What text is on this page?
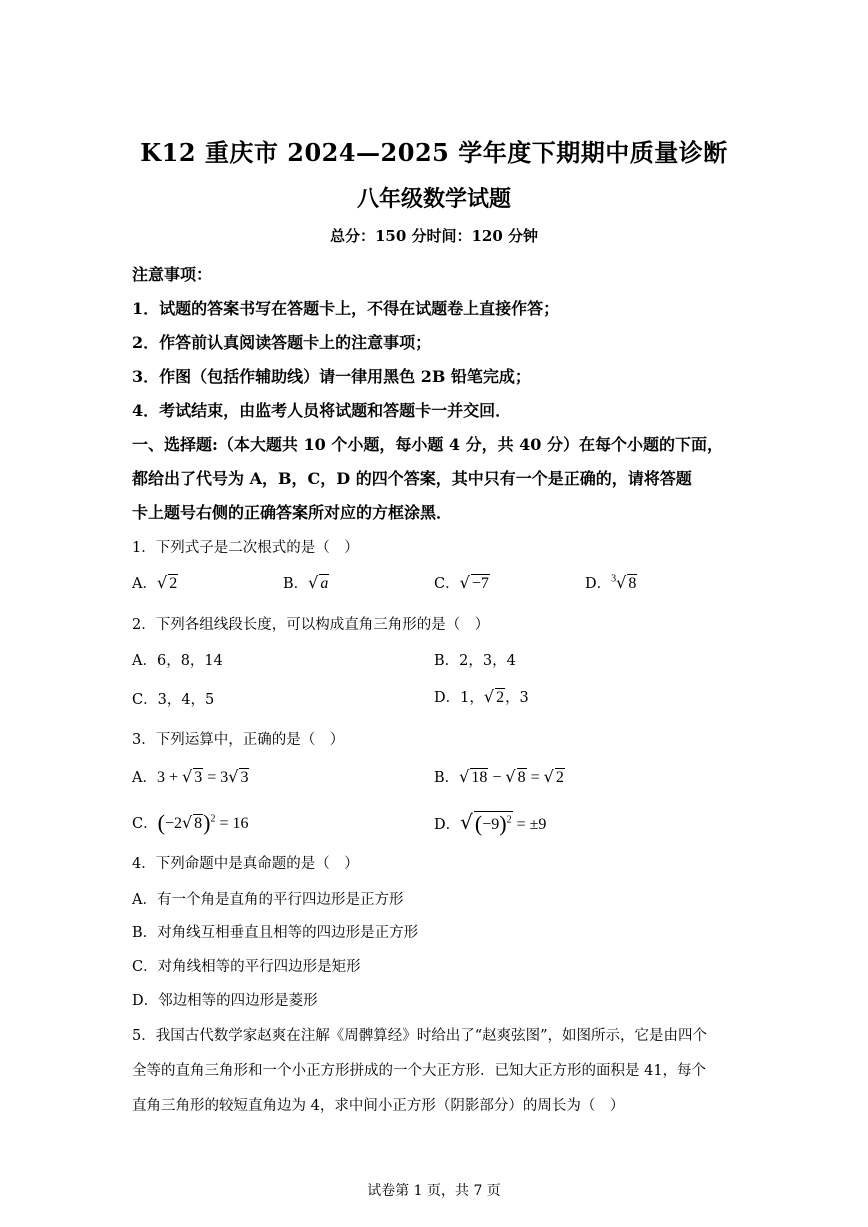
K12 重庆市 2024—2025 学年度下期期中质量诊断
八年级数学试题
总分：150 分时间：120 分钟
注意事项：
1．试题的答案书写在答题卡上，不得在试题卷上直接作答；
2．作答前认真阅读答题卡上的注意事项；
3．作图（包括作辅助线）请一律用黑色 2B 铅笔完成；
4．考试结束，由监考人员将试题和答题卡一并交回．
一、选择题:（本大题共 10 个小题，每小题 4 分，共 40 分）在每个小题的下面，
都给出了代号为 A，B，C，D 的四个答案，其中只有一个是正确的，请将答题
卡上题号右侧的正确答案所对应的方框涂黑．
1．下列式子是二次根式的是（　）
A．√ 2	B．√ a	C．√ −7	D．$^3$√ 8
2．下列各组线段长度，可以构成直角三角形的是（　）
A．6，8，14	B．2，3，4
C．3，4，5	D．1，√ 2，3
3．下列运算中，正确的是（　）
A．3 + √ 3 = 3√ 3	B．√ 18 − √ 8 = √ 2
C．(−2√ 8)$^2$ = 16	D．$√(-9)^2 = \pm 9$
4．下列命题中是真命题的是（　）
A．有一个角是直角的平行四边形是正方形
B．对角线互相垂直且相等的四边形是正方形
C．对角线相等的平行四边形是矩形
D．邻边相等的四边形是菱形
5．我国古代数学家赵爽在注解《周髀算经》时给出了“赵爽弦图”，如图所示，它是由四个
全等的直角三角形和一个小正方形拼成的一个大正方形．已知大正方形的面积是 41，每个
直角三角形的较短直角边为 4，求中间小正方形（阴影部分）的周长为（　）
试卷第 1 页，共 7 页
